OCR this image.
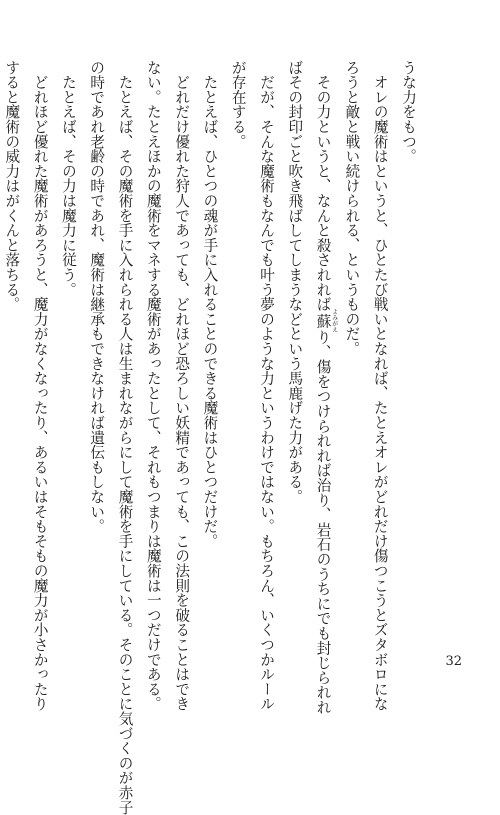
うな力をもつ。
　オレの魔術はというと、ひとたび戦いとなれば、たとえオレがどれだけ傷つこうとズタボロにな
ろうと敵と戦い続けられる、というものだ。
　その力というと、なんと殺されれば蘇 よみがえり、傷をつけられれば治り、岩石のうちにでも封じられれ
ばその封印ごと吹き飛ばしてしまうなどという馬鹿げた力がある。
　だが、そんな魔術もなんでも叶う夢のような力というわけではない。もちろん、いくつかルール
が存在する。
　たとえば、ひとつの魂が手に入れることのできる魔術はひとつだけだ。
　どれだけ優れた狩人であっても、どれほど恐ろしい妖精であっても、この法則を破ることはでき
ない。たとえほかの魔術をマネする魔術があったとして、それもつまりは魔術は一つだけである。
　たとえば、その魔術を手に入れられる人は生まれながらにして魔術を手にしている。そのことに気づくのが赤子
の時であれ老齢の時であれ、魔術は継承もできなければ遺伝もしない。
　たとえば、その力は魔力に従う。
　どれほど優れた魔術があろうと、魔力がなくなったり、あるいはそもそもの魔力が小さかったり
すると魔術の威力はがくんと落ちる。
32
